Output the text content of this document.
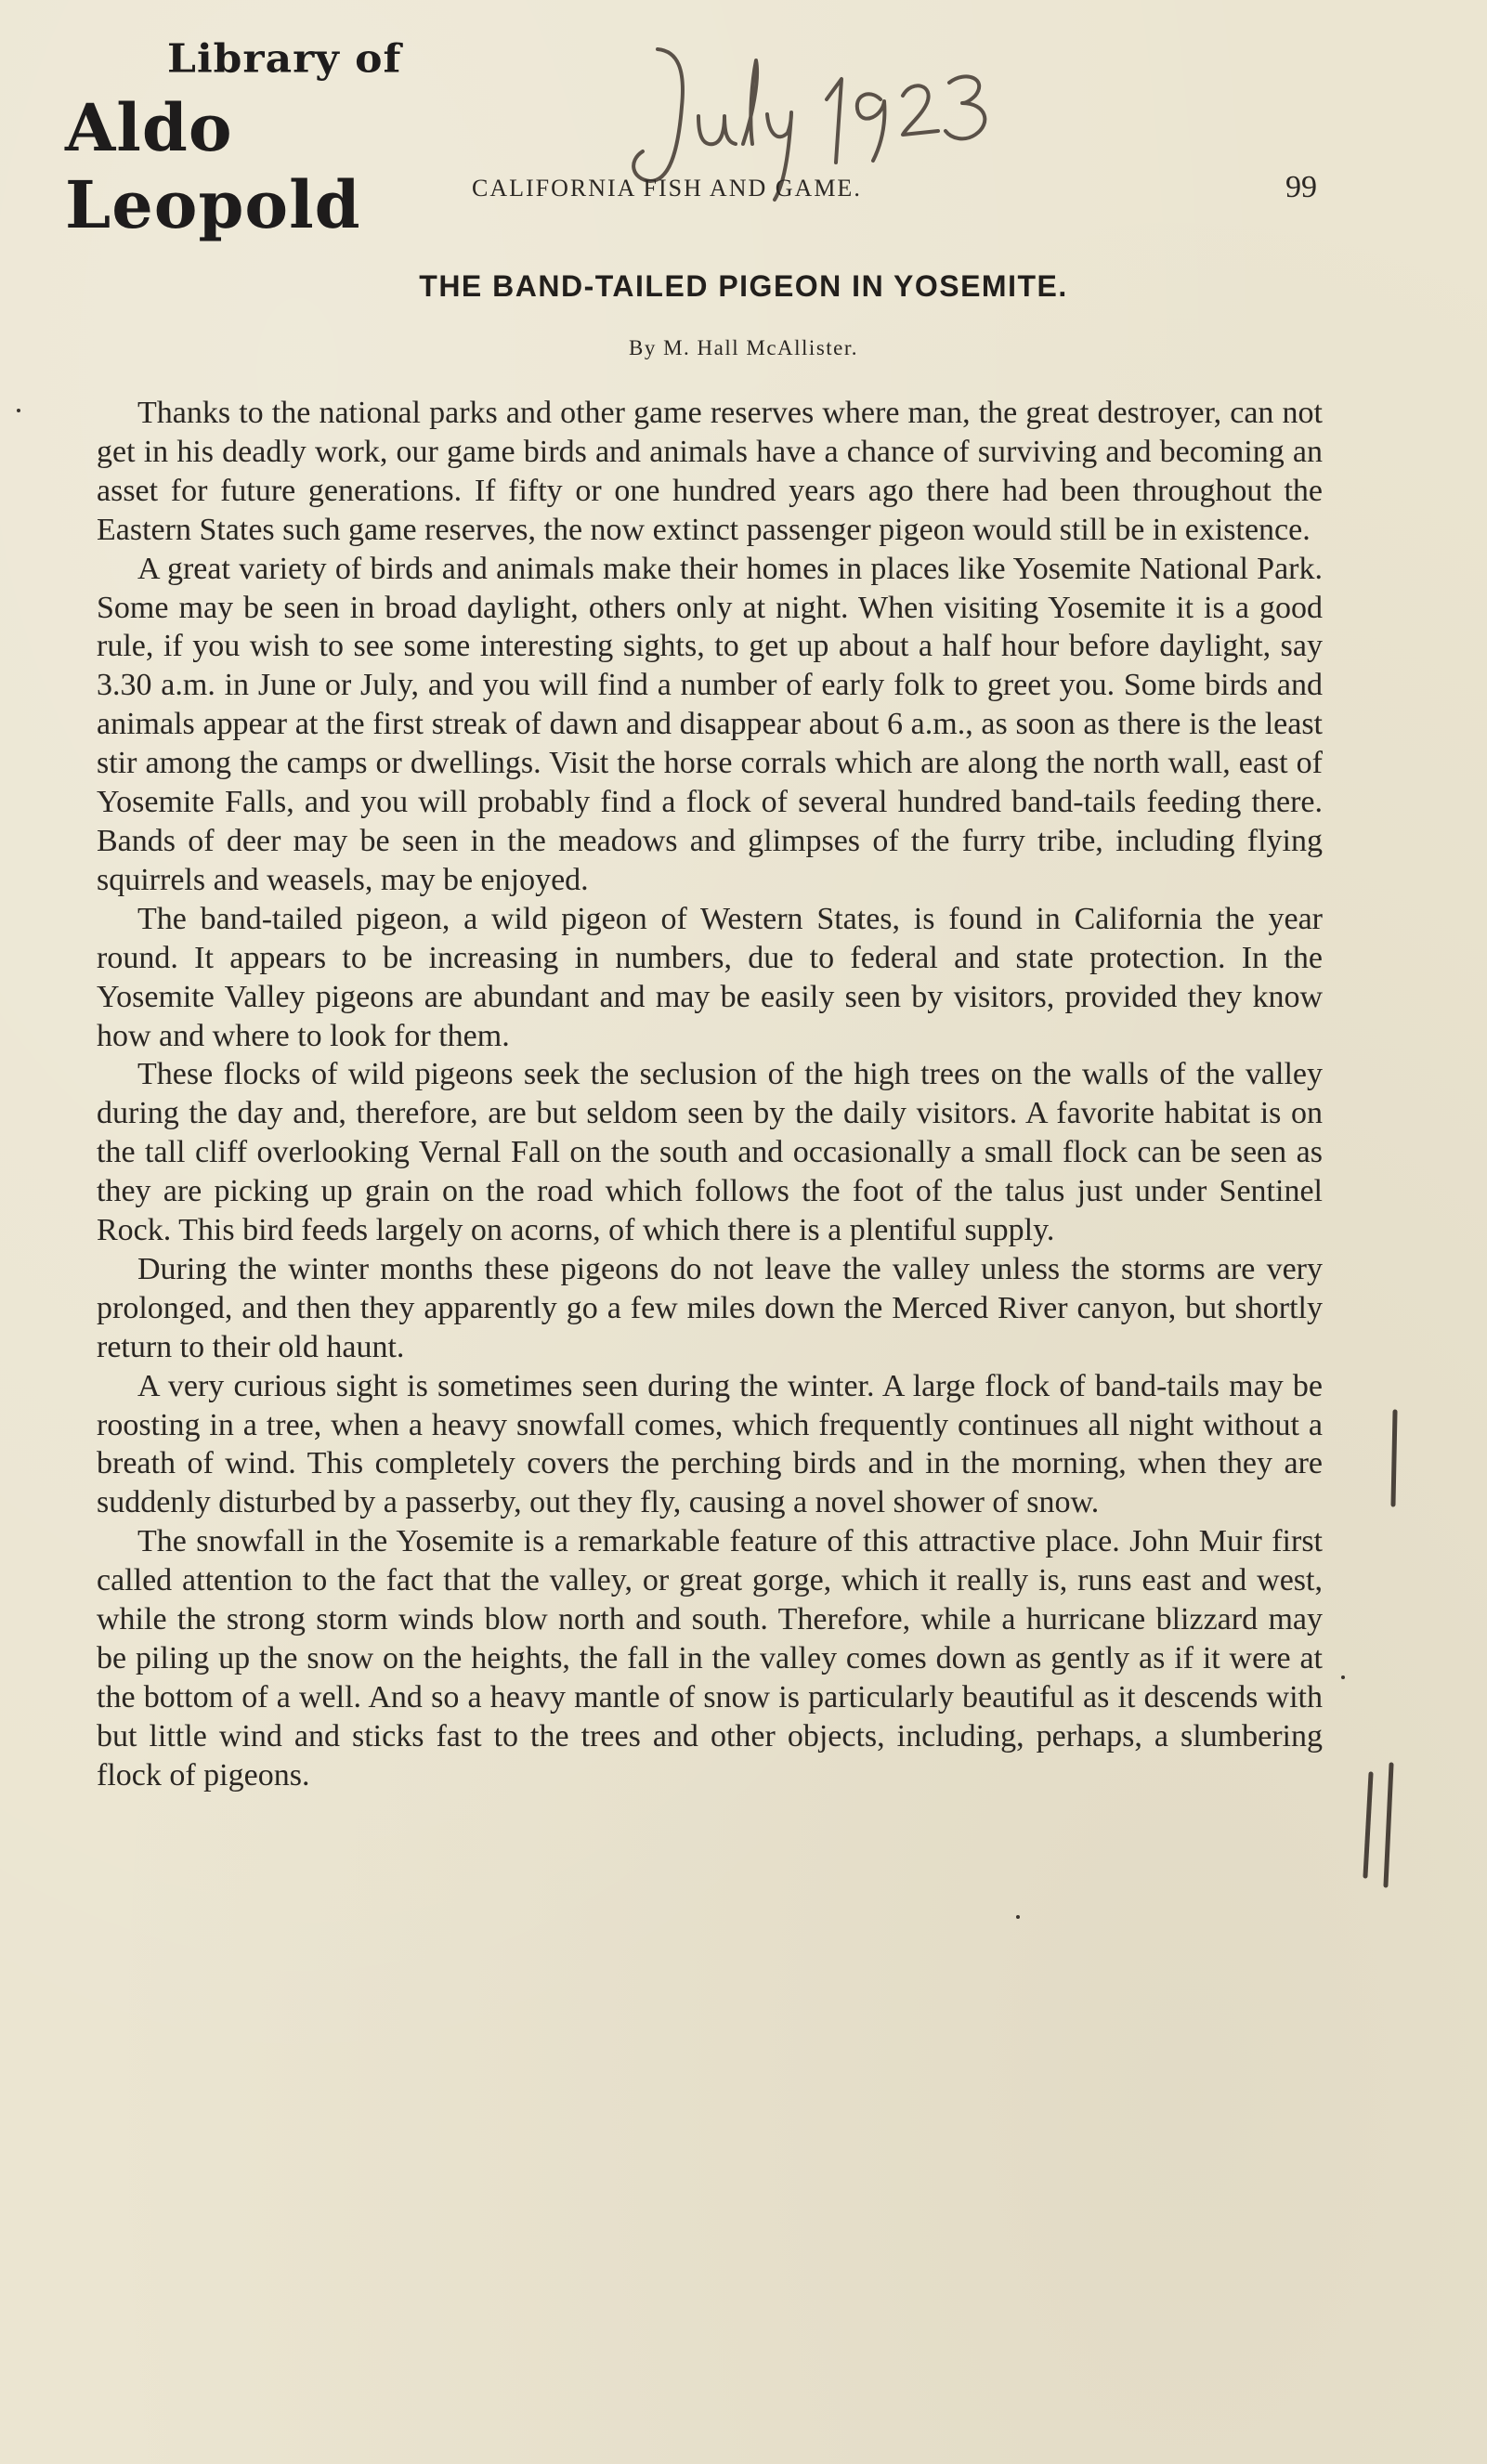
Library of
Aldo Leopold	CALIFORNIA FISH AND GAME.	99
THE BAND-TAILED PIGEON IN YOSEMITE.
By M. Hall McAllister.

Thanks to the national parks and other game reserves where man, the great destroyer, can not get in his deadly work, our game birds and animals have a chance of surviving and becoming an asset for future generations. If fifty or one hundred years ago there had been throughout the Eastern States such game reserves, the now extinct passenger pigeon would still be in existence.

A great variety of birds and animals make their homes in places like Yosemite National Park. Some may be seen in broad daylight, others only at night. When visiting Yosemite it is a good rule, if you wish to see some interesting sights, to get up about a half hour before daylight, say 3.30 a.m. in June or July, and you will find a number of early folk to greet you. Some birds and animals appear at the first streak of dawn and disappear about 6 a.m., as soon as there is the least stir among the camps or dwellings. Visit the horse corrals which are along the north wall, east of Yosemite Falls, and you will probably find a flock of several hundred band-tails feeding there. Bands of deer may be seen in the meadows and glimpses of the furry tribe, including flying squirrels and weasels, may be enjoyed.

The band-tailed pigeon, a wild pigeon of Western States, is found in California the year round. It appears to be increasing in numbers, due to federal and state protection. In the Yosemite Valley pigeons are abundant and may be easily seen by visitors, provided they know how and where to look for them.

These flocks of wild pigeons seek the seclusion of the high trees on the walls of the valley during the day and, therefore, are but seldom seen by the daily visitors. A favorite habitat is on the tall cliff overlooking Vernal Fall on the south and occasionally a small flock can be seen as they are picking up grain on the road which follows the foot of the talus just under Sentinel Rock. This bird feeds largely on acorns, of which there is a plentiful supply.

During the winter months these pigeons do not leave the valley unless the storms are very prolonged, and then they apparently go a few miles down the Merced River canyon, but shortly return to their old haunt.

A very curious sight is sometimes seen during the winter. A large flock of band-tails may be roosting in a tree, when a heavy snowfall comes, which frequently continues all night without a breath of wind. This completely covers the perching birds and in the morning, when they are suddenly disturbed by a passerby, out they fly, causing a novel shower of snow.

The snowfall in the Yosemite is a remarkable feature of this attractive place. John Muir first called attention to the fact that the valley, or great gorge, which it really is, runs east and west, while the strong storm winds blow north and south. Therefore, while a hurricane blizzard may be piling up the snow on the heights, the fall in the valley comes down as gently as if it were at the bottom of a well. And so a heavy mantle of snow is particularly beautiful as it descends with but little wind and sticks fast to the trees and other objects, including, perhaps, a slumbering flock of pigeons.
